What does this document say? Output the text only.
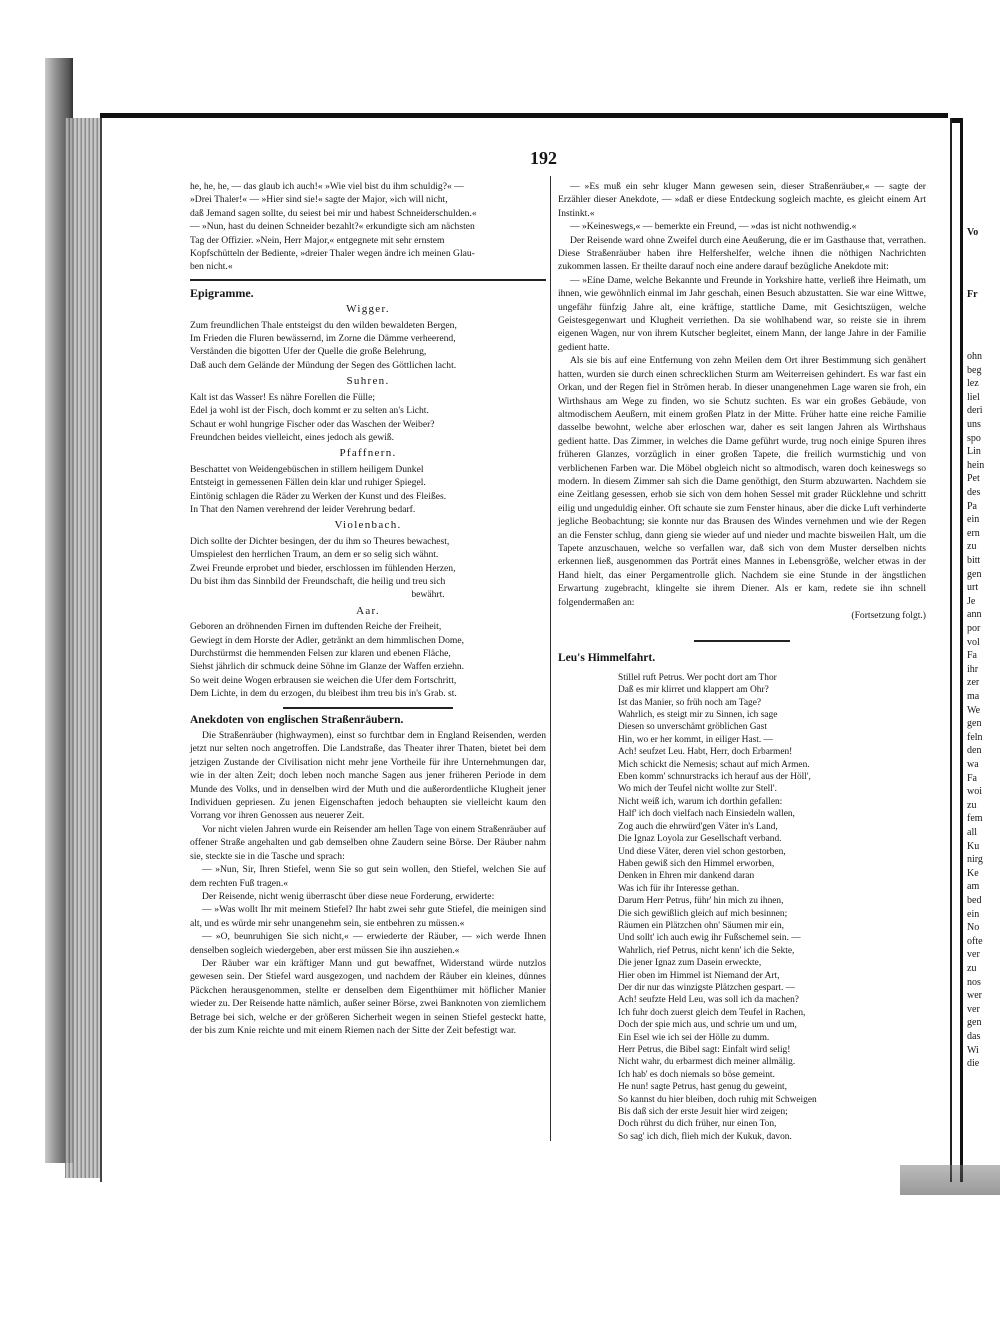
192

he, he, he, — das glaub ich auch!« »Wie viel bist du ihm schuldig?« —

»Drei Thaler!« — »Hier sind sie!« sagte der Major, »ich will nicht,

daß Jemand sagen sollte, du seiest bei mir und habest Schneiderschulden.«

— »Nun, hast du deinen Schneider bezahlt?« erkundigte sich am nächsten

Tag der Offizier. »Nein, Herr Major,« entgegnete mit sehr ernstem

Kopfschütteln der Bediente, »dreier Thaler wegen ändre ich meinen Glau-

ben nicht.«

Epigramme.

Wigger.

Zum freundlichen Thale entsteigst du den wilden bewaldeten Bergen,

Im Frieden die Fluren bewässernd, im Zorne die Dämme verheerend,

Verständen die bigotten Ufer der Quelle die große Belehrung,

Daß auch dem Gelände der Mündung der Segen des Göttlichen lacht.

Suhren.

Kalt ist das Wasser! Es nähre Forellen die Fülle;

Edel ja wohl ist der Fisch, doch kommt er zu selten an's Licht.

Schaut er wohl hungrige Fischer oder das Waschen der Weiber?

Freundchen beides vielleicht, eines jedoch als gewiß.

Pfaffnern.

Beschattet von Weidengebüschen in stillem heiligem Dunkel

Entsteigt in gemessenen Fällen dein klar und ruhiger Spiegel.

Eintönig schlagen die Räder zu Werken der Kunst und des Fleißes.

In That den Namen verehrend der leider Verehrung bedarf.

Violenbach.

Dich sollte der Dichter besingen, der du ihm so Theures bewachest,

Umspielest den herrlichen Traum, an dem er so selig sich wähnt.

Zwei Freunde erprobet und bieder, erschlossen im fühlenden Herzen,

Du bist ihm das Sinnbild der Freundschaft, die heilig und treu sich

bewährt.

Aar.

Geboren an dröhnenden Firnen im duftenden Reiche der Freiheit,

Gewiegt in dem Horste der Adler, getränkt an dem himmlischen Dome,

Durchstürmst die hemmenden Felsen zur klaren und ebenen Fläche,

Siehst jährlich dir schmuck deine Söhne im Glanze der Waffen erziehn.

So weit deine Wogen erbrausen sie weichen die Ufer dem Fortschritt,

Dem Lichte, in dem du erzogen, du bleibest ihm treu bis in's Grab. st.

Anekdoten von englischen Straßenräubern.

Die Straßenräuber (highwaymen), einst so furchtbar dem in England Reisenden, werden jetzt nur selten noch angetroffen. Die Landstraße, das Theater ihrer Thaten, bietet bei dem jetzigen Zustande der Civilisation nicht mehr jene Vortheile für ihre Unternehmungen dar, wie in der alten Zeit; doch leben noch manche Sagen aus jener früheren Periode in dem Munde des Volks, und in denselben wird der Muth und die außerordentliche Klugheit jener Individuen gepriesen. Zu jenen Eigenschaften jedoch behaupten sie vielleicht kaum den Vorrang vor ihren Genossen aus neuerer Zeit.

Vor nicht vielen Jahren wurde ein Reisender am hellen Tage von einem Straßenräuber auf offener Straße angehalten und gab demselben ohne Zaudern seine Börse. Der Räuber nahm sie, steckte sie in die Tasche und sprach:

— »Nun, Sir, Ihren Stiefel, wenn Sie so gut sein wollen, den Stiefel, welchen Sie auf dem rechten Fuß tragen.«

Der Reisende, nicht wenig überrascht über diese neue Forderung, erwiderte:

— »Was wollt Ihr mit meinem Stiefel? Ihr habt zwei sehr gute Stiefel, die meinigen sind alt, und es würde mir sehr unangenehm sein, sie entbehren zu müssen.«

— »O, beunruhigen Sie sich nicht,« — erwiederte der Räuber, — »ich werde Ihnen denselben sogleich wiedergeben, aber erst müssen Sie ihn ausziehen.«

Der Räuber war ein kräftiger Mann und gut bewaffnet, Widerstand würde nutzlos gewesen sein. Der Stiefel ward ausgezogen, und nachdem der Räuber ein kleines, dünnes Päckchen herausgenommen, stellte er denselben dem Eigenthümer mit höflicher Manier wieder zu. Der Reisende hatte nämlich, außer seiner Börse, zwei Banknoten von ziemlichem Betrage bei sich, welche er der größeren Sicherheit wegen in seinen Stiefel gesteckt hatte, der bis zum Knie reichte und mit einem Riemen nach der Sitte der Zeit befestigt war.

— »Es muß ein sehr kluger Mann gewesen sein, dieser Straßenräuber,« — sagte der Erzähler dieser Anekdote, — »daß er diese Entdeckung sogleich machte, es gleicht einem Art Instinkt.«

— »Keineswegs,« — bemerkte ein Freund, — »das ist nicht nothwendig.«

Der Reisende ward ohne Zweifel durch eine Aeußerung, die er im Gasthause that, verrathen. Diese Straßenräuber haben ihre Helfershelfer, welche ihnen die nöthigen Nachrichten zukommen lassen. Er theilte darauf noch eine andere darauf bezügliche Anekdote mit:

— »Eine Dame, welche Bekannte und Freunde in Yorkshire hatte, verließ ihre Heimath, um ihnen, wie gewöhnlich einmal im Jahr geschah, einen Besuch abzustatten. Sie war eine Wittwe, ungefähr fünfzig Jahre alt, eine kräftige, stattliche Dame, mit Gesichtszügen, welche Geistesgegenwart und Klugheit verriethen. Da sie wohlhabend war, so reiste sie in ihrem eigenen Wagen, nur von ihrem Kutscher begleitet, einem Mann, der lange Jahre in der Familie gedient hatte.

Als sie bis auf eine Entfernung von zehn Meilen dem Ort ihrer Bestimmung sich genähert hatten, wurden sie durch einen schrecklichen Sturm am Weiterreisen gehindert. Es war fast ein Orkan, und der Regen fiel in Strömen herab. In dieser unangenehmen Lage waren sie froh, ein Wirthshaus am Wege zu finden, wo sie Schutz suchten. Es war ein großes Gebäude, von altmodischem Aeußern, mit einem großen Platz in der Mitte. Früher hatte eine reiche Familie dasselbe bewohnt, welche aber erloschen war, daher es seit langen Jahren als Wirthshaus gedient hatte. Das Zimmer, in welches die Dame geführt wurde, trug noch einige Spuren ihres früheren Glanzes, vorzüglich in einer großen Tapete, die freilich wurmstichig und von verblichenen Farben war. Die Möbel obgleich nicht so altmodisch, waren doch keineswegs so modern. In diesem Zimmer sah sich die Dame genöthigt, den Sturm abzuwarten. Nachdem sie eine Zeitlang gesessen, erhob sie sich von dem hohen Sessel mit grader Rücklehne und schritt eilig und ungeduldig einher. Oft schaute sie zum Fenster hinaus, aber die dicke Luft verhinderte jegliche Beobachtung; sie konnte nur das Brausen des Windes vernehmen und wie der Regen an die Fenster schlug, dann gieng sie wieder auf und nieder und machte bisweilen Halt, um die Tapete anzuschauen, welche so verfallen war, daß sich von dem Muster derselben nichts erkennen ließ, ausgenommen das Porträt eines Mannes in Lebensgröße, welcher etwas in der Hand hielt, das einer Pergamentrolle glich. Nachdem sie eine Stunde in der ängstlichen Erwartung zugebracht, klingelte sie ihrem Diener. Als er kam, redete sie ihn schnell folgendermaßen an:

(Fortsetzung folgt.)

Leu's Himmelfahrt.

Stillel ruft Petrus. Wer pocht dort am Thor

Daß es mir klirret und klappert am Ohr?

Ist das Manier, so früh noch am Tage?

Wahrlich, es steigt mir zu Sinnen, ich sage

Diesen so unverschämt gröblichen Gast

Hin, wo er her kommt, in eiliger Hast. —

Ach! seufzet Leu. Habt, Herr, doch Erbarmen!

Mich schickt die Nemesis; schaut auf mich Armen.

Eben komm' schnurstracks ich herauf aus der Höll',

Wo mich der Teufel nicht wollte zur Stell'.

Nicht weiß ich, warum ich dorthin gefallen:

Half' ich doch vielfach nach Einsiedeln wallen,

Zog auch die ehrwürd'gen Väter in's Land,

Die Ignaz Loyola zur Gesellschaft verband.

Und diese Väter, deren viel schon gestorben,

Haben gewiß sich den Himmel erworben,

Denken in Ehren mir dankend daran

Was ich für ihr Interesse gethan.

Darum Herr Petrus, führ' hin mich zu ihnen,

Die sich gewißlich gleich auf mich besinnen;

Räumen ein Plätzchen ohn' Säumen mir ein,

Und sollt' ich auch ewig ihr Fußschemel sein. —

Wahrlich, rief Petrus, nicht kenn' ich die Sekte,

Die jener Ignaz zum Dasein erweckte,

Hier oben im Himmel ist Niemand der Art,

Der dir nur das winzigste Plätzchen gespart. —

Ach! seufzte Held Leu, was soll ich da machen?

Ich fuhr doch zuerst gleich dem Teufel in Rachen,

Doch der spie mich aus, und schrie um und um,

Ein Esel wie ich sei der Hölle zu dumm.

Herr Petrus, die Bibel sagt: Einfalt wird selig!

Nicht wahr, du erbarmest dich meiner allmälig.

Ich hab' es doch niemals so böse gemeint.

He nun! sagte Petrus, hast genug du geweint,

So kannst du hier bleiben, doch ruhig mit Schweigen

Bis daß sich der erste Jesuit hier wird zeigen;

Doch rührst du dich früher, nur einen Ton,

So sag' ich dich, flieh mich der Kukuk, davon.

Vo
Fr
ohn
beg
lez
liel
deri
uns
spo
Lin
hein
Pet
des
Pa
ein
ern
zu
bitt
gen
urt
Je
ann
por
vol
Fa
ihr
zer
ma
We
gen
feln
den
wa
Fa
woi
zu
fem
all
Ku
nirg
Ke
am
bed
ein
No
ofte
ver
zu
nos
wer
ver
gen
das
Wi
die
